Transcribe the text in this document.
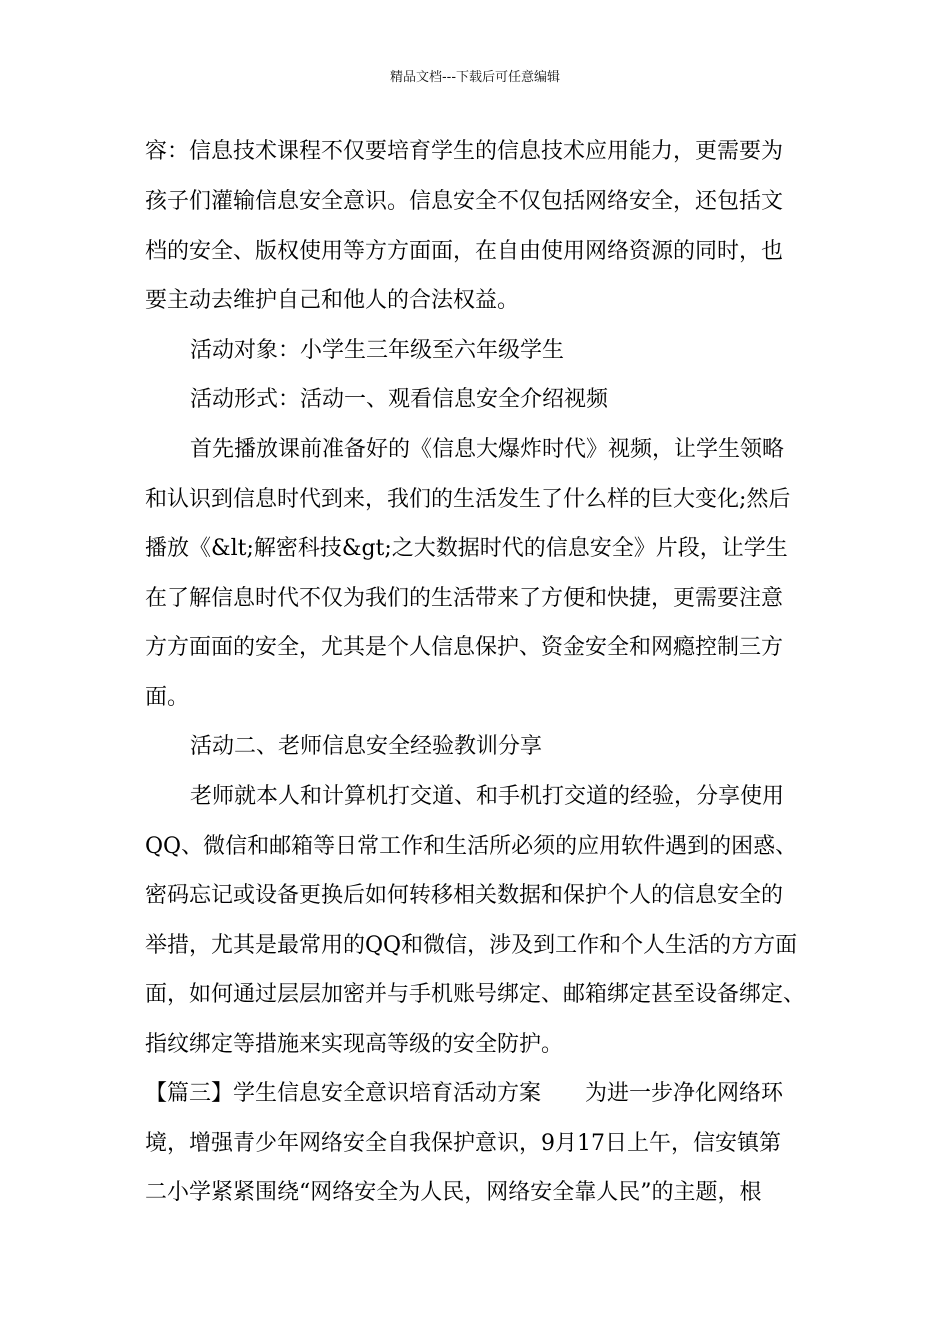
精品文档---下载后可任意编辑
容：信息技术课程不仅要培育学生的信息技术应用能力，更需要为
孩子们灌输信息安全意识。信息安全不仅包括网络安全，还包括文
档的安全、版权使用等方方面面，在自由使用网络资源的同时，也
要主动去维护自己和他人的合法权益。
活动对象：小学生三年级至六年级学生
活动形式：活动一、观看信息安全介绍视频
首先播放课前准备好的《信息大爆炸时代》视频，让学生领略
和认识到信息时代到来，我们的生活发生了什么样的巨大变化;然后
播放《&lt;解密科技&gt;之大数据时代的信息安全》片段，让学生
在了解信息时代不仅为我们的生活带来了方便和快捷，更需要注意
方方面面的安全，尤其是个人信息保护、资金安全和网瘾控制三方
面。
活动二、老师信息安全经验教训分享
老师就本人和计算机打交道、和手机打交道的经验，分享使用
QQ、微信和邮箱等日常工作和生活所必须的应用软件遇到的困惑、
密码忘记或设备更换后如何转移相关数据和保护个人的信息安全的
举措，尤其是最常用的QQ和微信，涉及到工作和个人生活的方方面
面，如何通过层层加密并与手机账号绑定、邮箱绑定甚至设备绑定、
指纹绑定等措施来实现高等级的安全防护。
【篇三】学生信息安全意识培育活动方案　　为进一步净化网络环
境，增强青少年网络安全自我保护意识，9月17日上午，信安镇第
二小学紧紧围绕“网络安全为人民，网络安全靠人民”的主题，根
